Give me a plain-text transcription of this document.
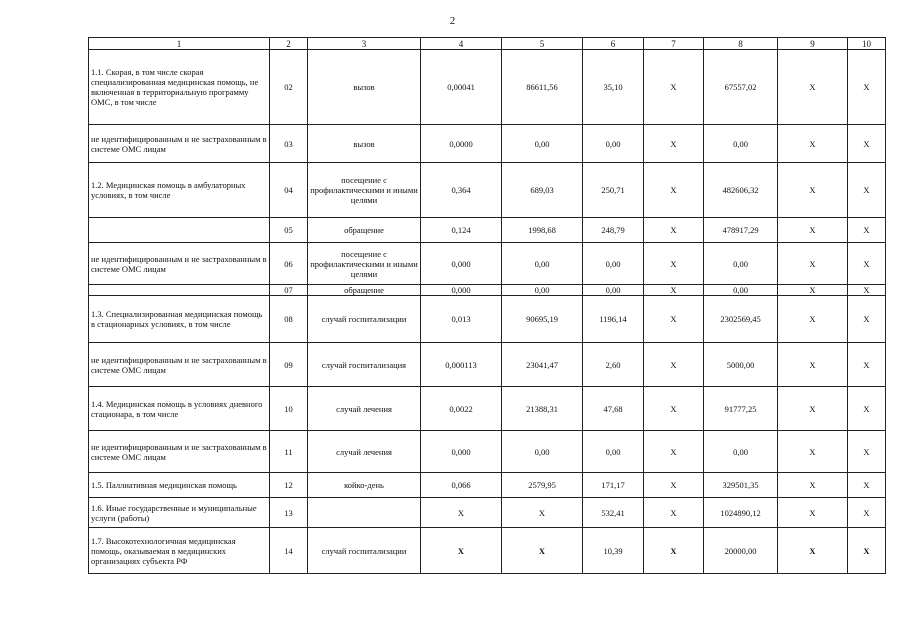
2
1	2	3	4	5	6	7	8	9	10
1.1. Скорая, в том числе скорая специализированная медицинская помощь, не включенная в территориальную программу ОМС, в том числе	02	вызов	0,00041	86611,56	35,10	Х	67557,02	Х	Х
не идентифицированным и не застрахованным в системе ОМС лицам	03	вызов	0,0000	0,00	0,00	Х	0,00	Х	Х
1.2. Медицинская помощь в амбулаторных условиях, в том числе	04	посещение с профилактическими и иными целями	0,364	689,03	250,71	Х	482606,32	Х	Х
	05	обращение	0,124	1998,68	248,79	Х	478917,29	Х	Х
не идентифицированным и не застрахованным в системе ОМС лицам	06	посещение с профилактическими и иными целями	0,000	0,00	0,00	Х	0,00	Х	Х
	07	обращение	0,000	0,00	0,00	Х	0,00	Х	Х
1.3. Специализированная медицинская помощь в стационарных условиях, в том числе	08	случай госпитализации	0,013	90695,19	1196,14	Х	2302569,45	Х	Х
не идентифицированным и не застрахованным в системе ОМС лицам	09	случай госпитализация	0,000113	23041,47	2,60	Х	5000,00	Х	Х
1.4. Медицинская помощь в условиях дневного стационара, в том числе	10	случай лечения	0,0022	21388,31	47,68	Х	91777,25	Х	Х
не идентифицированным и не застрахованным в системе ОМС лицам	11	случай лечения	0,000	0,00	0,00	Х	0,00	Х	Х
1.5. Паллиативная медицинская помощь	12	койко-день	0,066	2579,95	171,17	Х	329501,35	Х	Х
1.6. Иные государственные и муниципальные услуги (работы)	13		Х	Х	532,41	Х	1024890,12	Х	Х
1.7. Высокотехнологичная медицинская помощь, оказываемая в медицинских организациях субъекта РФ	14	случай госпитализации	Х	Х	10,39	Х	20000,00	Х	Х
